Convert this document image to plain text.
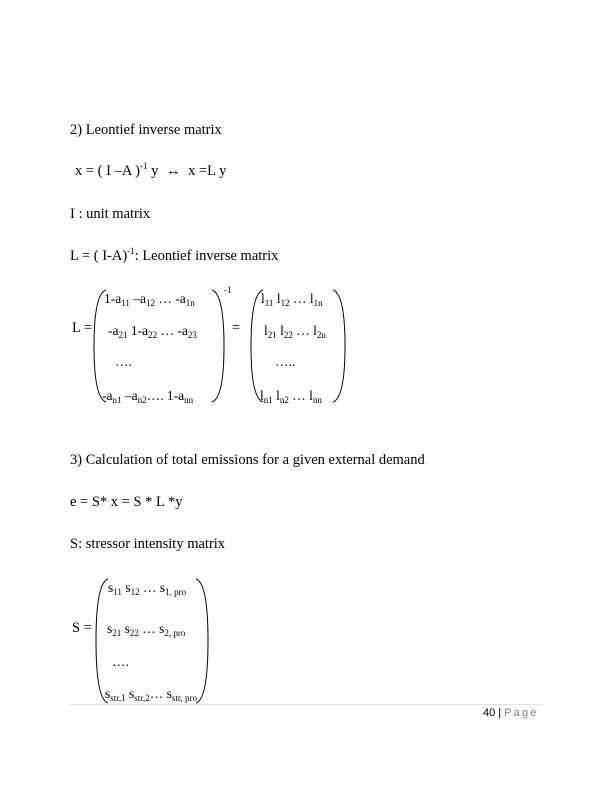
2) Leontief inverse matrix
x = ( I –A )$^{-1}$ y ↔ x =L y
I : unit matrix
L = ( I-A)$^{-1}$: Leontief inverse matrix
L =
$1-a_{11}$ $-a_{12}$ … $-a_{1n}$
$-a_{21}$ $1-a_{22}$ … $-a_{23}$
….
$-a_{n1}$ $-a_{n2}\dots$. $1-a_{nn}$
-1
=
$l_{11}$ $l_{12}$ … $l_{1n}$
$l_{21}$ $l_{22}$ … $l_{2n}$
…..
$l_{n1}$ $l_{n2}$ … $l_{nn}$
3) Calculation of total emissions for a given external demand
e = S* x = S * L *y
S: stressor intensity matrix
S =
$s_{11}$ $s_{12}$ … $s_{1, pro}$
$s_{21}$ $s_{22}$ … $s_{2, pro}$
….
$s_{str,1}$ $s_{str,2}\dots$ $s_{str, pro}$
40 | Page
